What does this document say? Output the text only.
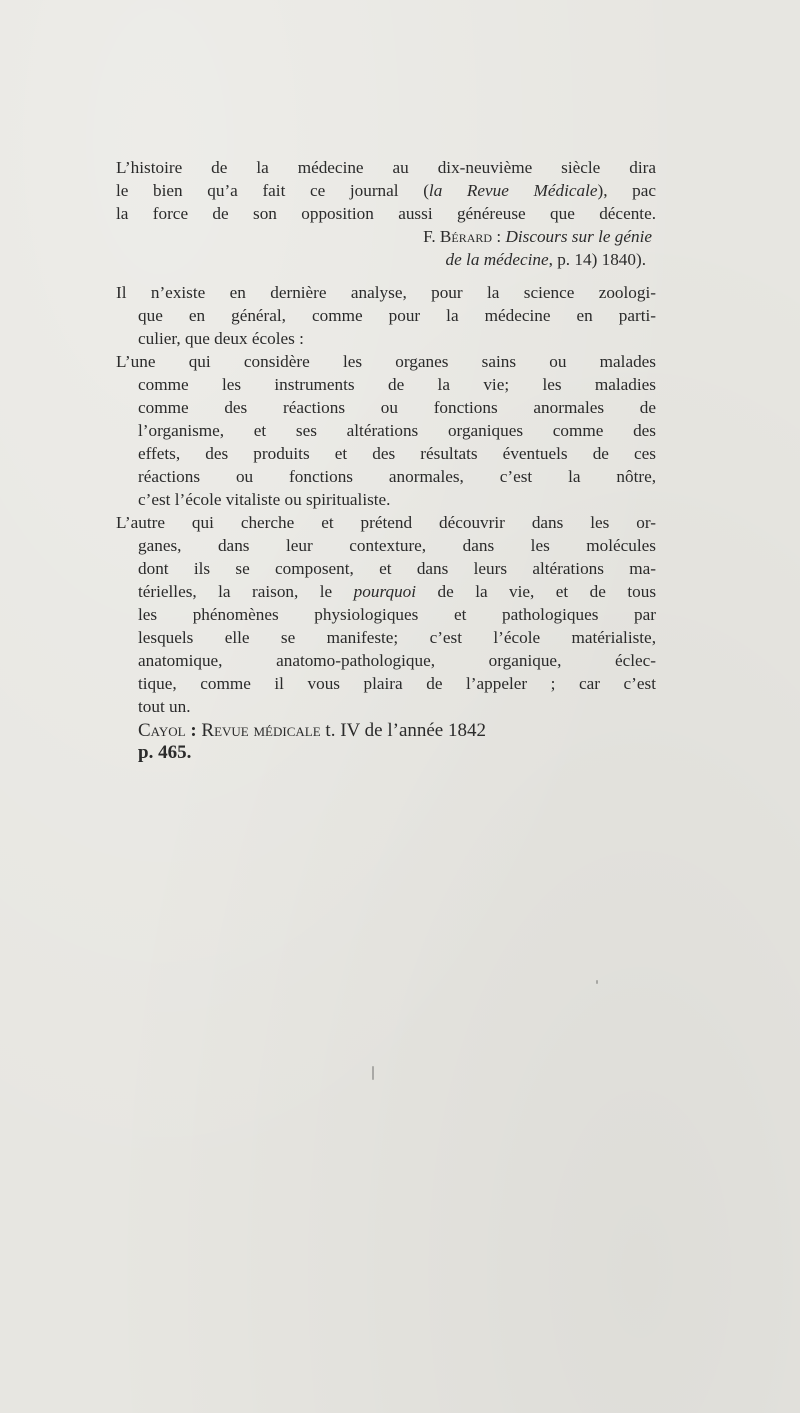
L’histoire de la médecine au dix-neuvième siècle dira
le bien qu’a fait ce journal (la Revue Médicale), pac
la force de son opposition aussi généreuse que décente.
F. Bérard : Discours sur le génie
de la médecine, p. 14) 1840).
Il n’existe en dernière analyse, pour la science zoologi-
que en général, comme pour la médecine en parti-
culier, que deux écoles :
L’une qui considère les organes sains ou malades
comme les instruments de la vie; les maladies
comme des réactions ou fonctions anormales de
l’organisme, et ses altérations organiques comme des
effets, des produits et des résultats éventuels de ces
réactions ou fonctions anormales, c’est la nôtre,
c’est l’école vitaliste ou spiritualiste.
L’autre qui cherche et prétend découvrir dans les or-
ganes, dans leur contexture, dans les molécules
dont ils se composent, et dans leurs altérations ma-
térielles, la raison, le pourquoi de la vie, et de tous
les phénomènes physiologiques et pathologiques par
lesquels elle se manifeste; c’est l’école matérialiste,
anatomique, anatomo-pathologique, organique, éclec-
tique, comme il vous plaira de l’appeler ; car c’est
tout un.
Cayol : Revue médicale t. IV de l’année 1842
p. 465.
